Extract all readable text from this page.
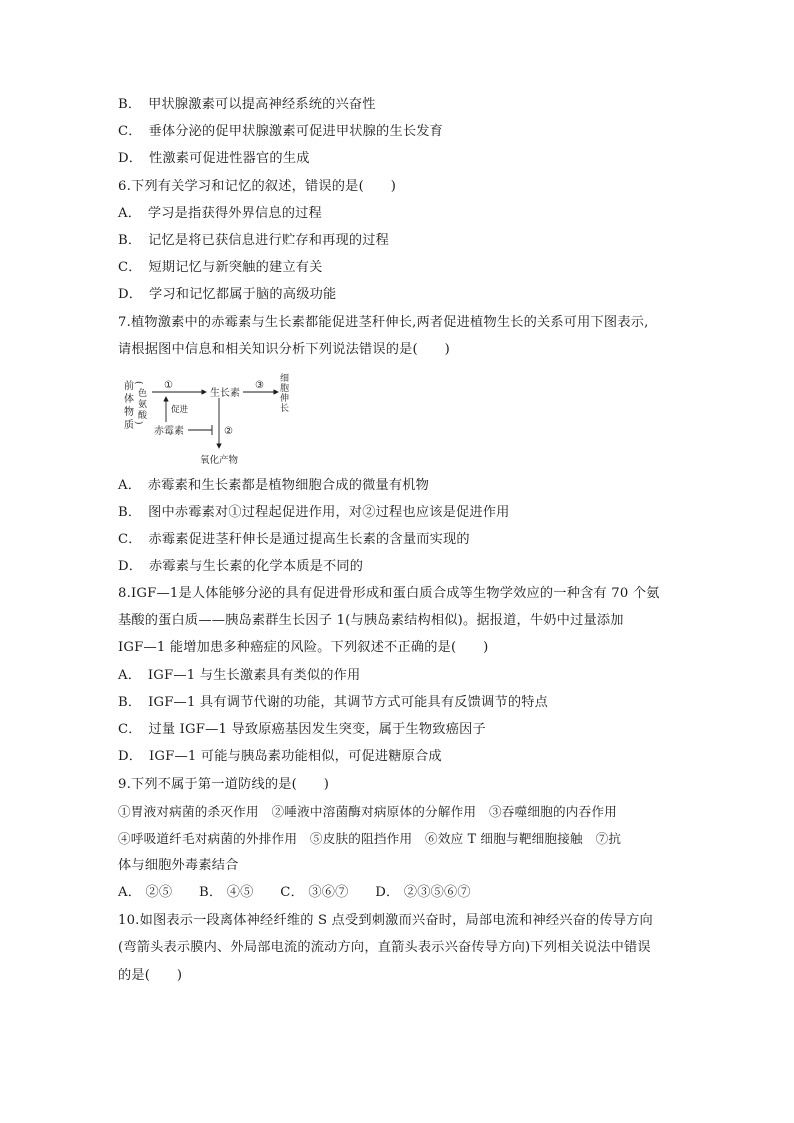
B．　甲状腺激素可以提高神经系统的兴奋性
C．　垂体分泌的促甲状腺激素可促进甲状腺的生长发育
D．　性激素可促进性器官的生成
6.下列有关学习和记忆的叙述，错误的是(　　)
A．　学习是指获得外界信息的过程
B．　记忆是将已获信息进行贮存和再现的过程
C．　短期记忆与新突触的建立有关
D．　学习和记忆都属于脑的高级功能
7.植物激素中的赤霉素与生长素都能促进茎秆伸长,两者促进植物生长的关系可用下图表示,
请根据图中信息和相关知识分析下列说法错误的是(　　)
前
体
物
质
(
色
氨
酸
)
①
生长素
③
细
胞
伸
长
促进
赤霉素	②
氧化产物
A．　赤霉素和生长素都是植物细胞合成的微量有机物
B．　图中赤霉素对①过程起促进作用，对②过程也应该是促进作用
C．　赤霉素促进茎秆伸长是通过提高生长素的含量而实现的
D．　赤霉素与生长素的化学本质是不同的
8.IGF—1是人体能够分泌的具有促进骨形成和蛋白质合成等生物学效应的一种含有 70 个氨
基酸的蛋白质——胰岛素群生长因子 1(与胰岛素结构相似)。据报道，牛奶中过量添加
IGF—1 能增加患多种癌症的风险。下列叙述不正确的是(　　)
A．　IGF—1 与生长激素具有类似的作用
B．　IGF—1 具有调节代谢的功能，其调节方式可能具有反馈调节的特点
C．　过量 IGF—1 导致原癌基因发生突变，属于生物致癌因子
D．　IGF—1 可能与胰岛素功能相似，可促进糖原合成
9.下列不属于第一道防线的是(　　)
①胃液对病菌的杀灭作用　②唾液中溶菌酶对病原体的分解作用　③吞噬细胞的内吞作用
④呼吸道纤毛对病菌的外排作用　⑤皮肤的阻挡作用　⑥效应 T 细胞与靶细胞接触　⑦抗
体与细胞外毒素结合
A． ②⑤　　B． ④⑤　　C． ③⑥⑦　　D． ②③⑤⑥⑦
10.如图表示一段离体神经纤维的 S 点受到刺激而兴奋时，局部电流和神经兴奋的传导方向
(弯箭头表示膜内、外局部电流的流动方向，直箭头表示兴奋传导方向)下列相关说法中错误
的是(　　)
